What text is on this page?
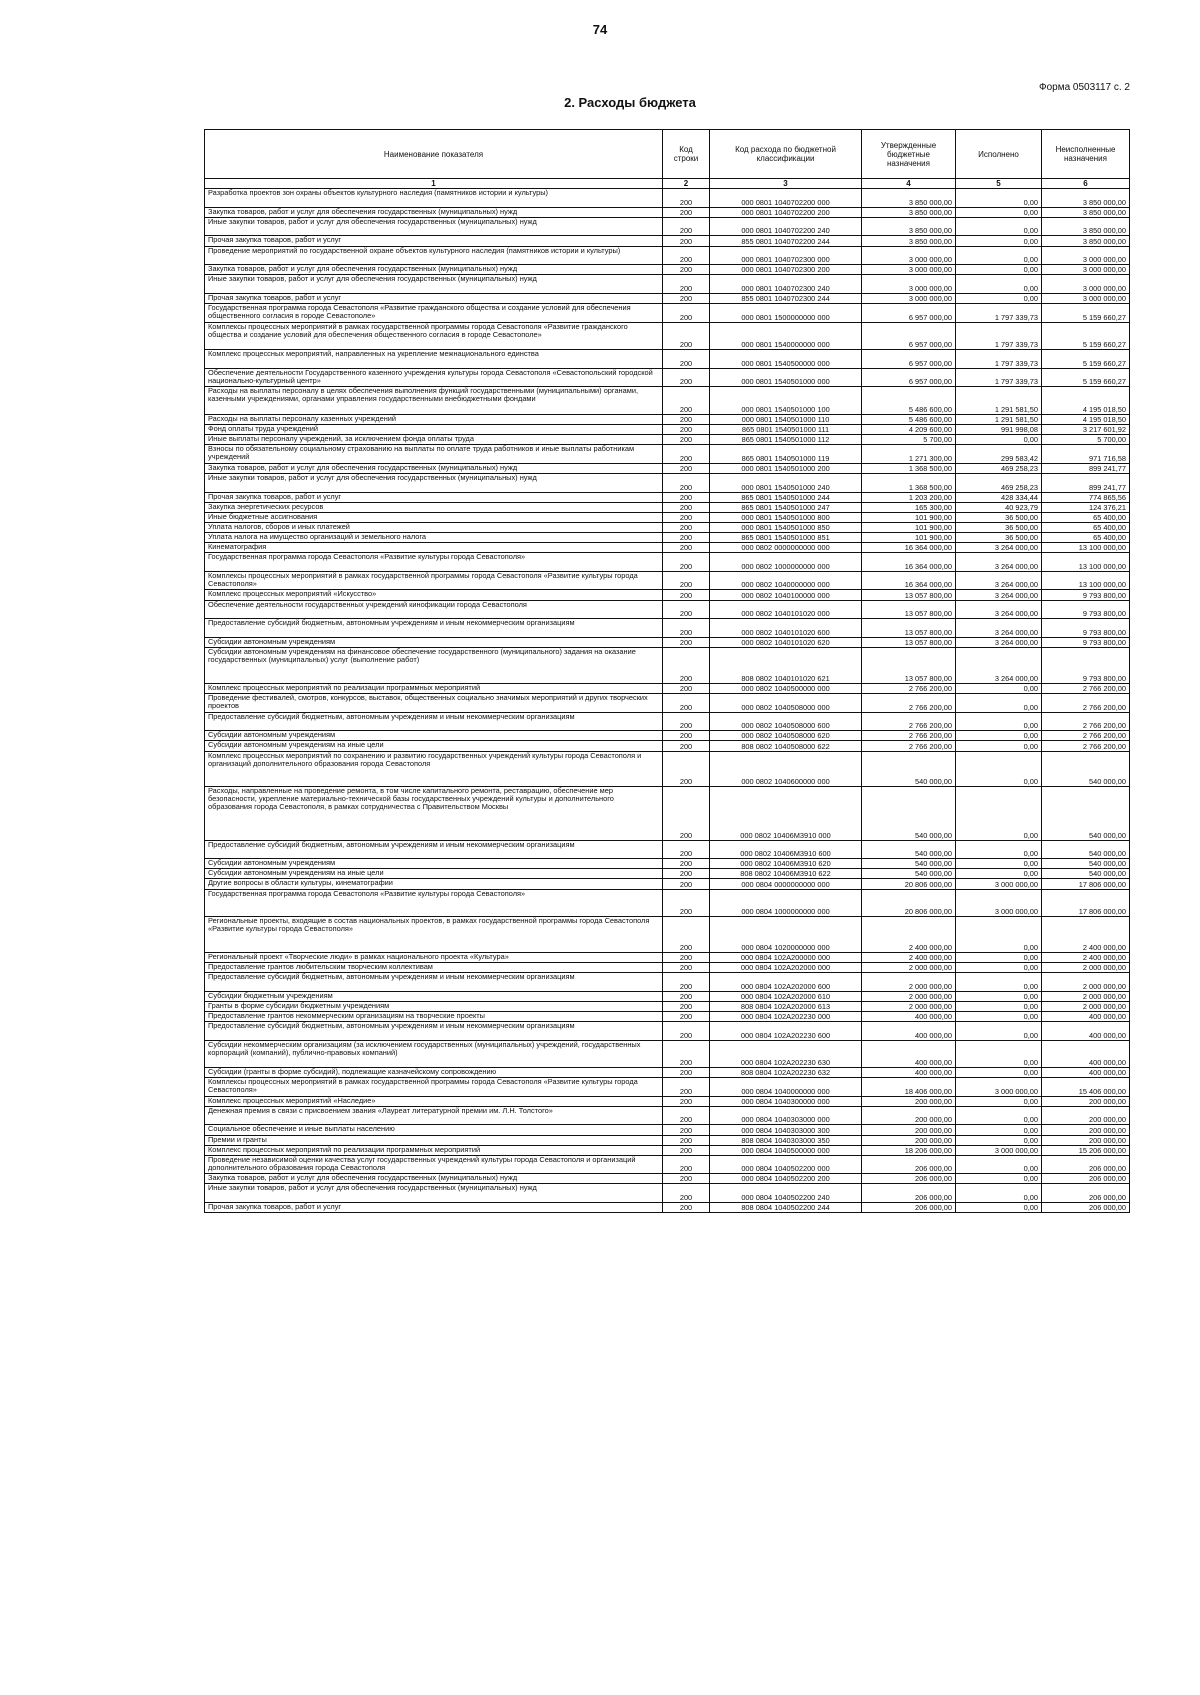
74
Форма 0503117 с. 2
2. Расходы бюджета
Наименование показателя	Код строки	Код расхода по бюджетной классификации	Утвержденные бюджетные назначения	Исполнено	Неисполненные назначения
1	2	3	4	5	6
Разработка проектов зон охраны объектов культурного наследия (памятников истории и культуры)	200	000 0801 1040702200 000	3 850 000,00	0,00	3 850 000,00
Закупка товаров, работ и услуг для обеспечения государственных (муниципальных) нужд	200	000 0801 1040702200 200	3 850 000,00	0,00	3 850 000,00
Иные закупки товаров, работ и услуг для обеспечения государственных (муниципальных) нужд	200	000 0801 1040702200 240	3 850 000,00	0,00	3 850 000,00
Прочая закупка товаров, работ и услуг	200	855 0801 1040702200 244	3 850 000,00	0,00	3 850 000,00
Проведение мероприятий по государственной охране объектов культурного наследия (памятников истории и культуры)	200	000 0801 1040702300 000	3 000 000,00	0,00	3 000 000,00
Закупка товаров, работ и услуг для обеспечения государственных (муниципальных) нужд	200	000 0801 1040702300 200	3 000 000,00	0,00	3 000 000,00
Иные закупки товаров, работ и услуг для обеспечения государственных (муниципальных) нужд	200	000 0801 1040702300 240	3 000 000,00	0,00	3 000 000,00
Прочая закупка товаров, работ и услуг	200	855 0801 1040702300 244	3 000 000,00	0,00	3 000 000,00
Государственная программа города Севастополя «Развитие гражданского общества и создание условий для обеспечения общественного согласия в городе Севастополе»	200	000 0801 1500000000 000	6 957 000,00	1 797 339,73	5 159 660,27
Комплексы процессных мероприятий в рамках государственной программы города Севастополя «Развитие гражданского общества и создание условий для обеспечения общественного согласия в городе Севастополе»	200	000 0801 1540000000 000	6 957 000,00	1 797 339,73	5 159 660,27
Комплекс процессных мероприятий, направленных на укрепление межнационального единства	200	000 0801 1540500000 000	6 957 000,00	1 797 339,73	5 159 660,27
Обеспечение деятельности Государственного казенного учреждения культуры города Севастополя «Севастопольский городской национально-культурный центр»	200	000 0801 1540501000 000	6 957 000,00	1 797 339,73	5 159 660,27
Расходы на выплаты персоналу в целях обеспечения выполнения функций государственными (муниципальными) органами, казенными учреждениями, органами управления государственными внебюджетными фондами	200	000 0801 1540501000 100	5 486 600,00	1 291 581,50	4 195 018,50
Расходы на выплаты персоналу казенных учреждений	200	000 0801 1540501000 110	5 486 600,00	1 291 581,50	4 195 018,50
Фонд оплаты труда учреждений	200	865 0801 1540501000 111	4 209 600,00	991 998,08	3 217 601,92
Иные выплаты персоналу учреждений, за исключением фонда оплаты труда	200	865 0801 1540501000 112	5 700,00	0,00	5 700,00
Взносы по обязательному социальному страхованию на выплаты по оплате труда работников и иные выплаты работникам учреждений	200	865 0801 1540501000 119	1 271 300,00	299 583,42	971 716,58
Закупка товаров, работ и услуг для обеспечения государственных (муниципальных) нужд	200	000 0801 1540501000 200	1 368 500,00	469 258,23	899 241,77
Иные закупки товаров, работ и услуг для обеспечения государственных (муниципальных) нужд	200	000 0801 1540501000 240	1 368 500,00	469 258,23	899 241,77
Прочая закупка товаров, работ и услуг	200	865 0801 1540501000 244	1 203 200,00	428 334,44	774 865,56
Закупка энергетических ресурсов	200	865 0801 1540501000 247	165 300,00	40 923,79	124 376,21
Иные бюджетные ассигнования	200	000 0801 1540501000 800	101 900,00	36 500,00	65 400,00
Уплата налогов, сборов и иных платежей	200	000 0801 1540501000 850	101 900,00	36 500,00	65 400,00
Уплата налога на имущество организаций и земельного налога	200	865 0801 1540501000 851	101 900,00	36 500,00	65 400,00
Кинематография	200	000 0802 0000000000 000	16 364 000,00	3 264 000,00	13 100 000,00
Государственная программа города Севастополя «Развитие культуры города Севастополя»	200	000 0802 1000000000 000	16 364 000,00	3 264 000,00	13 100 000,00
Комплексы процессных мероприятий в рамках государственной программы города Севастополя «Развитие культуры города Севастополя»	200	000 0802 1040000000 000	16 364 000,00	3 264 000,00	13 100 000,00
Комплекс процессных мероприятий «Искусство»	200	000 0802 1040100000 000	13 057 800,00	3 264 000,00	9 793 800,00
Обеспечение деятельности государственных учреждений кинофикации города Севастополя	200	000 0802 1040101020 000	13 057 800,00	3 264 000,00	9 793 800,00
Предоставление субсидий бюджетным, автономным учреждениям и иным некоммерческим организациям	200	000 0802 1040101020 600	13 057 800,00	3 264 000,00	9 793 800,00
Субсидии автономным учреждениям	200	000 0802 1040101020 620	13 057 800,00	3 264 000,00	9 793 800,00
Субсидии автономным учреждениям на финансовое обеспечение государственного (муниципального) задания на оказание государственных (муниципальных) услуг (выполнение работ)	200	808 0802 1040101020 621	13 057 800,00	3 264 000,00	9 793 800,00
Комплекс процессных мероприятий по реализации программных мероприятий	200	000 0802 1040500000 000	2 766 200,00	0,00	2 766 200,00
Проведение фестивалей, смотров, конкурсов, выставок, общественных социально значимых мероприятий и других творческих проектов	200	000 0802 1040508000 000	2 766 200,00	0,00	2 766 200,00
Предоставление субсидий бюджетным, автономным учреждениям и иным некоммерческим организациям	200	000 0802 1040508000 600	2 766 200,00	0,00	2 766 200,00
Субсидии автономным учреждениям	200	000 0802 1040508000 620	2 766 200,00	0,00	2 766 200,00
Субсидии автономным учреждениям на иные цели	200	808 0802 1040508000 622	2 766 200,00	0,00	2 766 200,00
Комплекс процессных мероприятий по сохранению и развитию государственных учреждений культуры города Севастополя и организаций дополнительного образования города Севастополя	200	000 0802 1040600000 000	540 000,00	0,00	540 000,00
Расходы, направленные на проведение ремонта, в том числе капитального ремонта, реставрацию, обеспечение мер безопасности, укрепление материально-технической базы государственных учреждений культуры и дополнительного образования города Севастополя, в рамках сотрудничества с Правительством Москвы	200	000 0802 10406М3910 000	540 000,00	0,00	540 000,00
Предоставление субсидий бюджетным, автономным учреждениям и иным некоммерческим организациям	200	000 0802 10406М3910 600	540 000,00	0,00	540 000,00
Субсидии автономным учреждениям	200	000 0802 10406М3910 620	540 000,00	0,00	540 000,00
Субсидии автономным учреждениям на иные цели	200	808 0802 10406М3910 622	540 000,00	0,00	540 000,00
Другие вопросы в области культуры, кинематографии	200	000 0804 0000000000 000	20 806 000,00	3 000 000,00	17 806 000,00
Государственная программа города Севастополя «Развитие культуры города Севастополя»	200	000 0804 1000000000 000	20 806 000,00	3 000 000,00	17 806 000,00
Региональные проекты, входящие в состав национальных проектов, в рамках государственной программы города Севастополя «Развитие культуры города Севастополя»	200	000 0804 1020000000 000	2 400 000,00	0,00	2 400 000,00
Региональный проект «Творческие люди» в рамках национального проекта «Культура»	200	000 0804 102А200000 000	2 400 000,00	0,00	2 400 000,00
Предоставление грантов любительским творческим коллективам	200	000 0804 102А202000 000	2 000 000,00	0,00	2 000 000,00
Предоставление субсидий бюджетным, автономным учреждениям и иным некоммерческим организациям	200	000 0804 102А202000 600	2 000 000,00	0,00	2 000 000,00
Субсидии бюджетным учреждениям	200	000 0804 102А202000 610	2 000 000,00	0,00	2 000 000,00
Гранты в форме субсидии бюджетным учреждениям	200	808 0804 102А202000 613	2 000 000,00	0,00	2 000 000,00
Предоставление грантов некоммерческим организациям на творческие проекты	200	000 0804 102А202230 000	400 000,00	0,00	400 000,00
Предоставление субсидий бюджетным, автономным учреждениям и иным некоммерческим организациям	200	000 0804 102А202230 600	400 000,00	0,00	400 000,00
Субсидии некоммерческим организациям (за исключением государственных (муниципальных) учреждений, государственных корпораций (компаний), публично-правовых компаний)	200	000 0804 102А202230 630	400 000,00	0,00	400 000,00
Субсидии (гранты в форме субсидий), подлежащие казначейскому сопровождению	200	808 0804 102А202230 632	400 000,00	0,00	400 000,00
Комплексы процессных мероприятий в рамках государственной программы города Севастополя «Развитие культуры города Севастополя»	200	000 0804 1040000000 000	18 406 000,00	3 000 000,00	15 406 000,00
Комплекс процессных мероприятий «Наследие»	200	000 0804 1040300000 000	200 000,00	0,00	200 000,00
Денежная премия в связи с присвоением звания «Лауреат литературной премии им. Л.Н. Толстого»	200	000 0804 1040303000 000	200 000,00	0,00	200 000,00
Социальное обеспечение и иные выплаты населению	200	000 0804 1040303000 300	200 000,00	0,00	200 000,00
Премии и гранты	200	808 0804 1040303000 350	200 000,00	0,00	200 000,00
Комплекс процессных мероприятий по реализации программных мероприятий	200	000 0804 1040500000 000	18 206 000,00	3 000 000,00	15 206 000,00
Проведение независимой оценки качества услуг государственных учреждений культуры города Севастополя и организаций дополнительного образования города Севастополя	200	000 0804 1040502200 000	206 000,00	0,00	206 000,00
Закупка товаров, работ и услуг для обеспечения государственных (муниципальных) нужд	200	000 0804 1040502200 200	206 000,00	0,00	206 000,00
Иные закупки товаров, работ и услуг для обеспечения государственных (муниципальных) нужд	200	000 0804 1040502200 240	206 000,00	0,00	206 000,00
Прочая закупка товаров, работ и услуг	200	808 0804 1040502200 244	206 000,00	0,00	206 000,00
